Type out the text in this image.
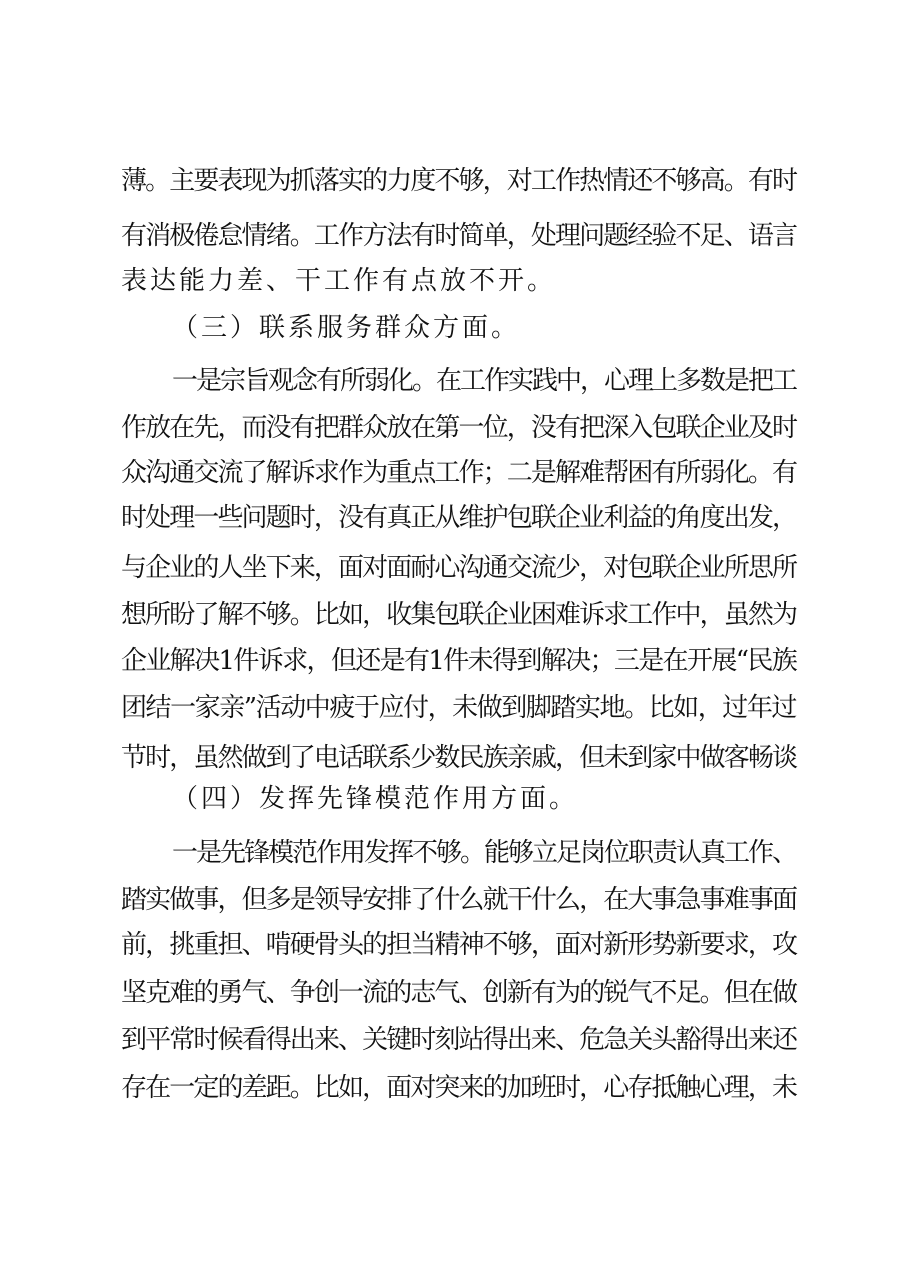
薄。主要表现为抓落实的力度不够，对工作热情还不够高。有时
有消极倦怠情绪。工作方法有时简单，处理问题经验不足、语言
表达能力差、干工作有点放不开。
（三）联系服务群众方面。
一是宗旨观念有所弱化。在工作实践中，心理上多数是把工
作放在先，而没有把群众放在第一位，没有把深入包联企业及时
众沟通交流了解诉求作为重点工作；二是解难帮困有所弱化。有
时处理一些问题时，没有真正从维护包联企业利益的角度出发，
与企业的人坐下来，面对面耐心沟通交流少，对包联企业所思所
想所盼了解不够。比如，收集包联企业困难诉求工作中，虽然为
企业解决1件诉求，但还是有1件未得到解决；三是在开展“民族
团结一家亲”活动中疲于应付，未做到脚踏实地。比如，过年过
节时，虽然做到了电话联系少数民族亲戚，但未到家中做客畅谈
（四）发挥先锋模范作用方面。
一是先锋模范作用发挥不够。能够立足岗位职责认真工作、
踏实做事，但多是领导安排了什么就干什么，在大事急事难事面
前，挑重担、啃硬骨头的担当精神不够，面对新形势新要求，攻
坚克难的勇气、争创一流的志气、创新有为的锐气不足。但在做
到平常时候看得出来、关键时刻站得出来、危急关头豁得出来还
存在一定的差距。比如，面对突来的加班时，心存抵触心理，未
